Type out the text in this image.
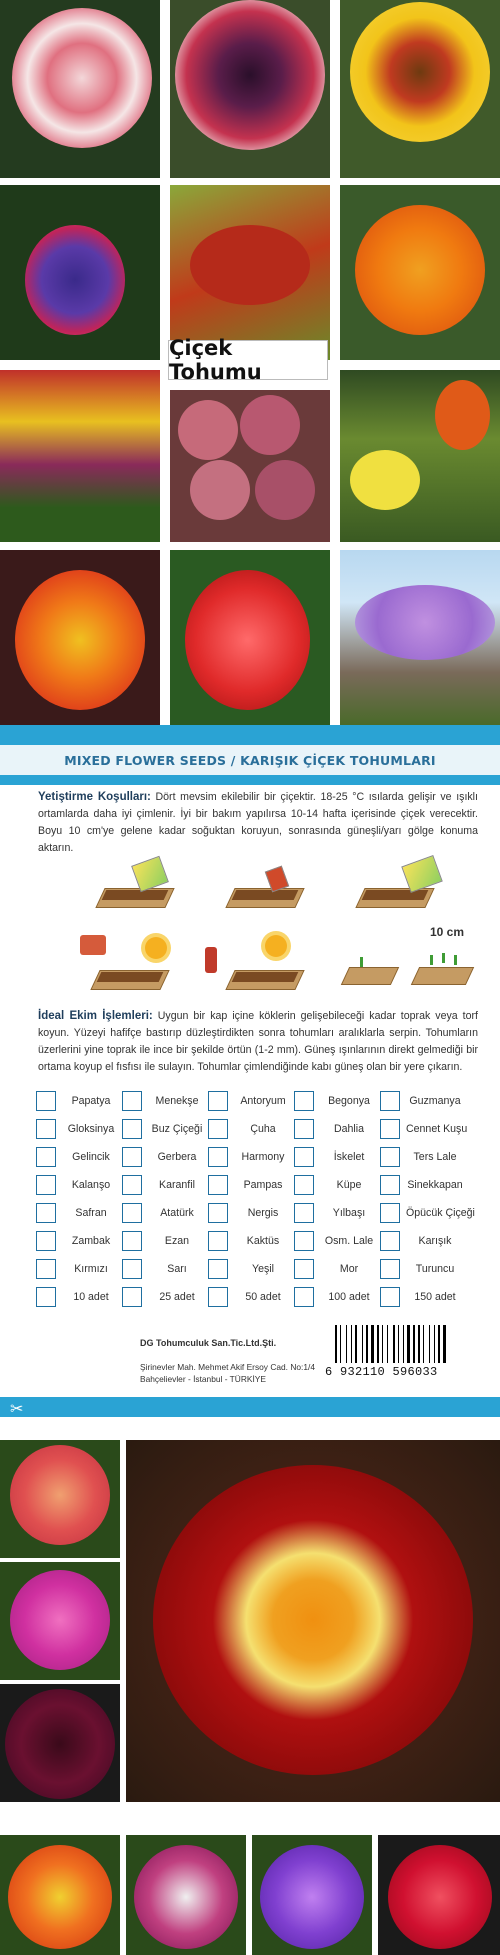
Çiçek Tohumu
MIXED FLOWER SEEDS / KARIŞIK ÇİÇEK TOHUMLARI
Yetiştirme Koşulları: Dört mevsim ekilebilir bir çiçektir. 18-25 °C ısılarda gelişir ve ışıklı ortamlarda daha iyi çimlenir. İyi bir bakım yapılırsa 10-14 hafta içerisinde çiçek verecektir. Boyu 10 cm'ye gelene kadar soğuktan koruyun, sonrasında güneşli/yarı gölge konuma aktarın.
10 cm
İdeal Ekim İşlemleri: Uygun bir kap içine köklerin gelişebileceği kadar toprak veya torf koyun. Yüzeyi hafifçe bastırıp düzleştirdikten sonra tohumları aralıklarla serpin. Tohumların üzerlerini yine toprak ile ince bir şekilde örtün (1-2 mm). Güneş ışınlarının direkt gelmediği bir ortama koyup el fısfısı ile sulayın. Tohumlar çimlendiğinde kabı güneş olan bir yere çıkarın.
Papatya	Menekşe	Antoryum	Begonya	Guzmanya
Gloksinya	Buz Çiçeği	Çuha	Dahlia	Cennet Kuşu
Gelincik	Gerbera	Harmony	İskelet	Ters Lale
Kalanşo	Karanfil	Pampas	Küpe	Sinekkapan
Safran	Atatürk	Nergis	Yılbaşı	Öpücük Çiçeği
Zambak	Ezan	Kaktüs	Osm. Lale	Karışık
Kırmızı	Sarı	Yeşil	Mor	Turuncu
10 adet	25 adet	50 adet	100 adet	150 adet
DG Tohumculuk San.Tic.Ltd.Şti.

Şirinevler Mah. Mehmet Akif Ersoy Cad. No:1/4
Bahçelievler - İstanbul - TÜRKİYE	6 932110 596033
✂
